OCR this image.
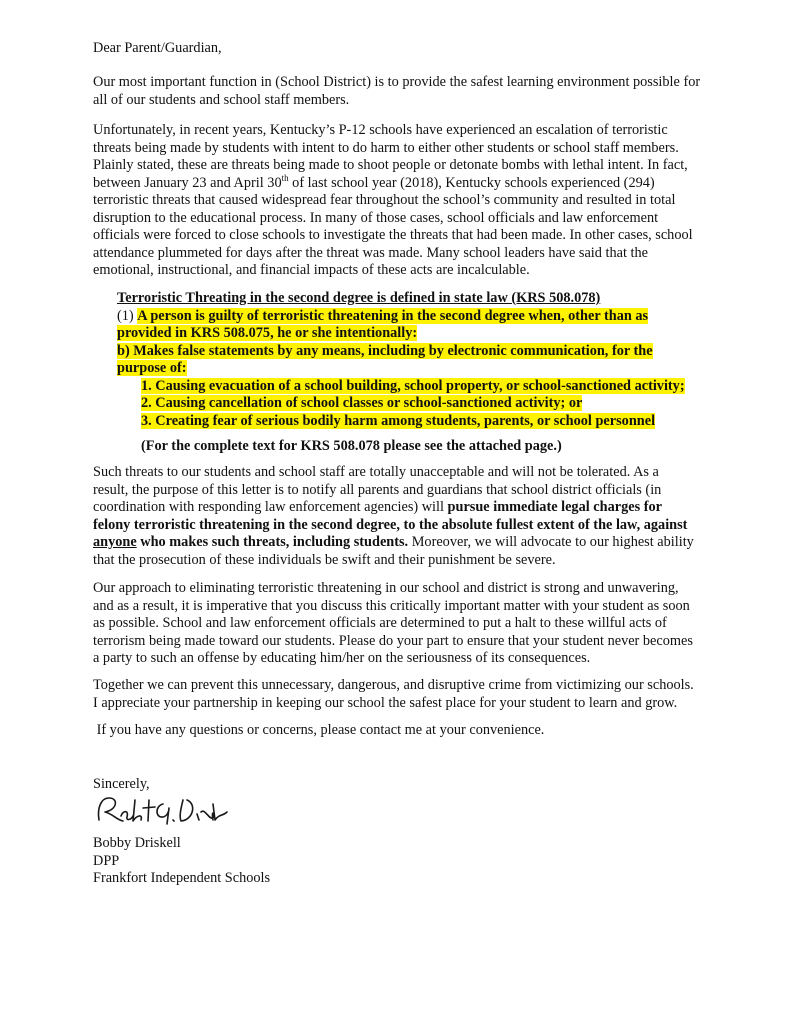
Dear Parent/Guardian,
Our most important function in (School District) is to provide the safest learning environment possible for all of our students and school staff members.
Unfortunately, in recent years, Kentucky’s P-12 schools have experienced an escalation of terroristic
threats being made by students with intent to do harm to either other students or school staff members.
Plainly stated, these are threats being made to shoot people or detonate bombs with lethal intent. In fact,
between January 23 and April 30th of last school year (2018), Kentucky schools experienced (294)
terroristic threats that caused widespread fear throughout the school’s community and resulted in total
disruption to the educational process. In many of those cases, school officials and law enforcement
officials were forced to close schools to investigate the threats that had been made. In other cases, school
attendance plummeted for days after the threat was made. Many school leaders have said that the
emotional, instructional, and financial impacts of these acts are incalculable.
Terroristic Threating in the second degree is defined in state law (KRS 508.078)
(1) A person is guilty of terroristic threatening in the second degree when, other than as
provided in KRS 508.075, he or she intentionally:
b) Makes false statements by any means, including by electronic communication, for the
purpose of:
1. Causing evacuation of a school building, school property, or school-sanctioned activity;
2. Causing cancellation of school classes or school-sanctioned activity; or
3. Creating fear of serious bodily harm among students, parents, or school personnel
(For the complete text for KRS 508.078 please see the attached page.)
Such threats to our students and school staff are totally unacceptable and will not be tolerated. As a
result, the purpose of this letter is to notify all parents and guardians that school district officials (in
coordination with responding law enforcement agencies) will pursue immediate legal charges for
felony terroristic threatening in the second degree, to the absolute fullest extent of the law, against
anyone who makes such threats, including students. Moreover, we will advocate to our highest ability
that the prosecution of these individuals be swift and their punishment be severe.
Our approach to eliminating terroristic threatening in our school and district is strong and unwavering,
and as a result, it is imperative that you discuss this critically important matter with your student as soon
as possible. School and law enforcement officials are determined to put a halt to these willful acts of
terrorism being made toward our students. Please do your part to ensure that your student never becomes
a party to such an offense by educating him/her on the seriousness of its consequences.
Together we can prevent this unnecessary, dangerous, and disruptive crime from victimizing our schools.
I appreciate your partnership in keeping our school the safest place for your student to learn and grow.
If you have any questions or concerns, please contact me at your convenience.
Sincerely,
Bobby Driskell
DPP
Frankfort Independent Schools
